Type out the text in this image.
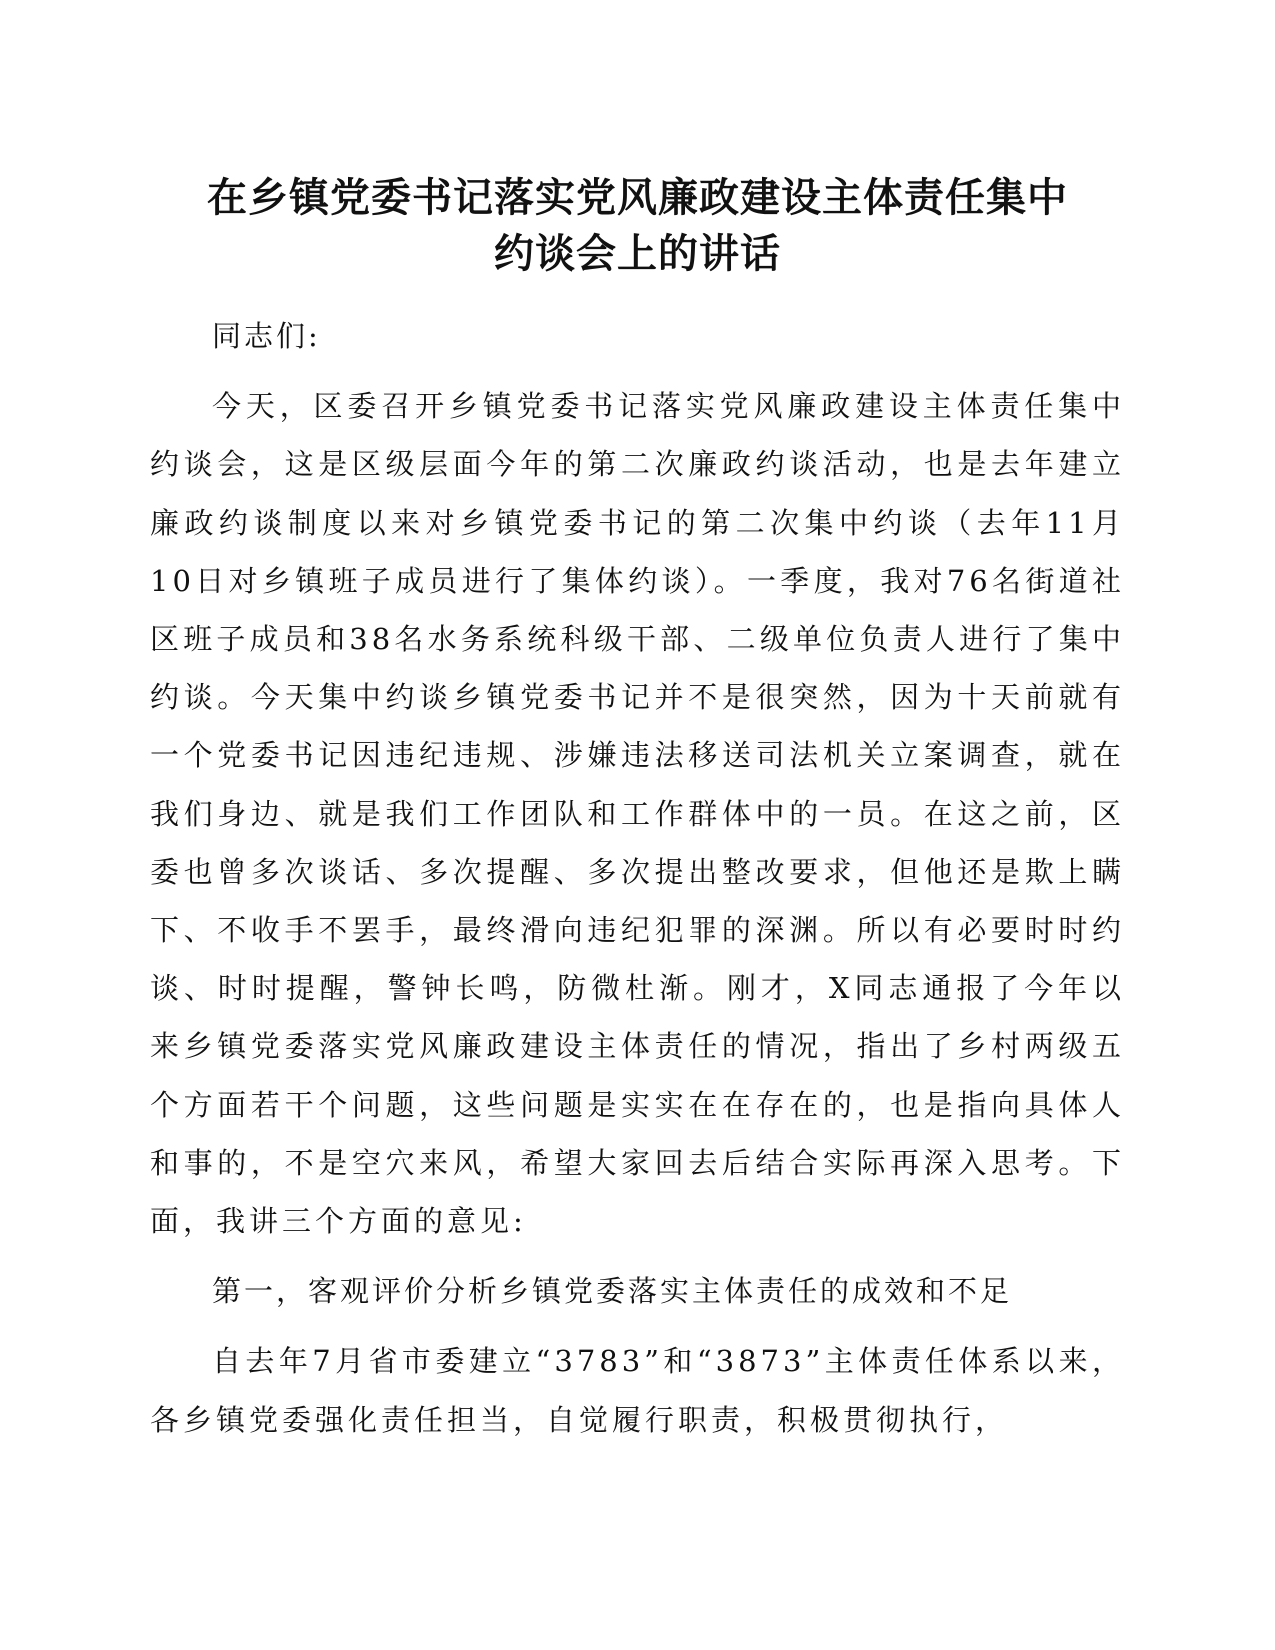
在乡镇党委书记落实党风廉政建设主体责任集中
约谈会上的讲话

同志们:

今天，区委召开乡镇党委书记落实党风廉政建设主体责任集中约谈会，这是区级层面今年的第二次廉政约谈活动，也是去年建立廉政约谈制度以来对乡镇党委书记的第二次集中约谈（去年11月10日对乡镇班子成员进行了集体约谈）。一季度，我对76名街道社区班子成员和38名水务系统科级干部、二级单位负责人进行了集中约谈。今天集中约谈乡镇党委书记并不是很突然，因为十天前就有一个党委书记因违纪违规、涉嫌违法移送司法机关立案调查，就在我们身边、就是我们工作团队和工作群体中的一员。在这之前，区委也曾多次谈话、多次提醒、多次提出整改要求，但他还是欺上瞒下、不收手不罢手，最终滑向违纪犯罪的深渊。所以有必要时时约谈、时时提醒，警钟长鸣，防微杜渐。刚才，X同志通报了今年以来乡镇党委落实党风廉政建设主体责任的情况，指出了乡村两级五个方面若干个问题，这些问题是实实在在存在的，也是指向具体人和事的，不是空穴来风，希望大家回去后结合实际再深入思考。下面，我讲三个方面的意见:

第一，客观评价分析乡镇党委落实主体责任的成效和不足

自去年7月省市委建立“3783”和“3873”主体责任体系以来，各乡镇党委强化责任担当，自觉履行职责，积极贯彻执行，
